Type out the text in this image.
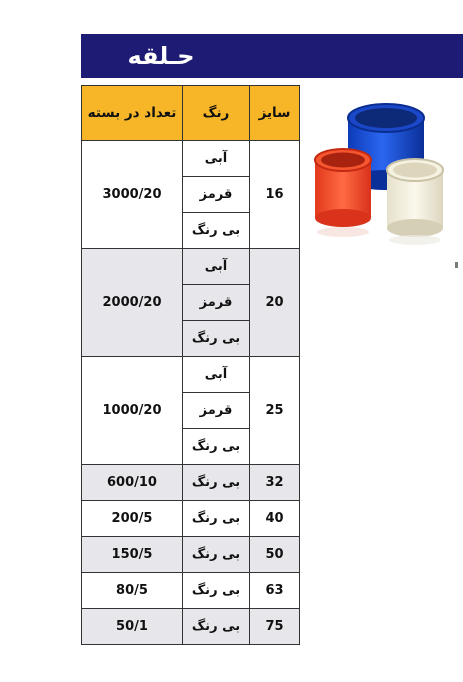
حـلقه
تعداد در بسته	رنگ	سایز
3000/20	آبی	16
	قرمز	
	بی رنگ	
2000/20	آبی	20
	قرمز	
	بی رنگ	
1000/20	آبی	25
	قرمز	
	بی رنگ	
600/10	بی رنگ	32
200/5	بی رنگ	40
150/5	بی رنگ	50
80/5	بی رنگ	63
50/1	بی رنگ	75
